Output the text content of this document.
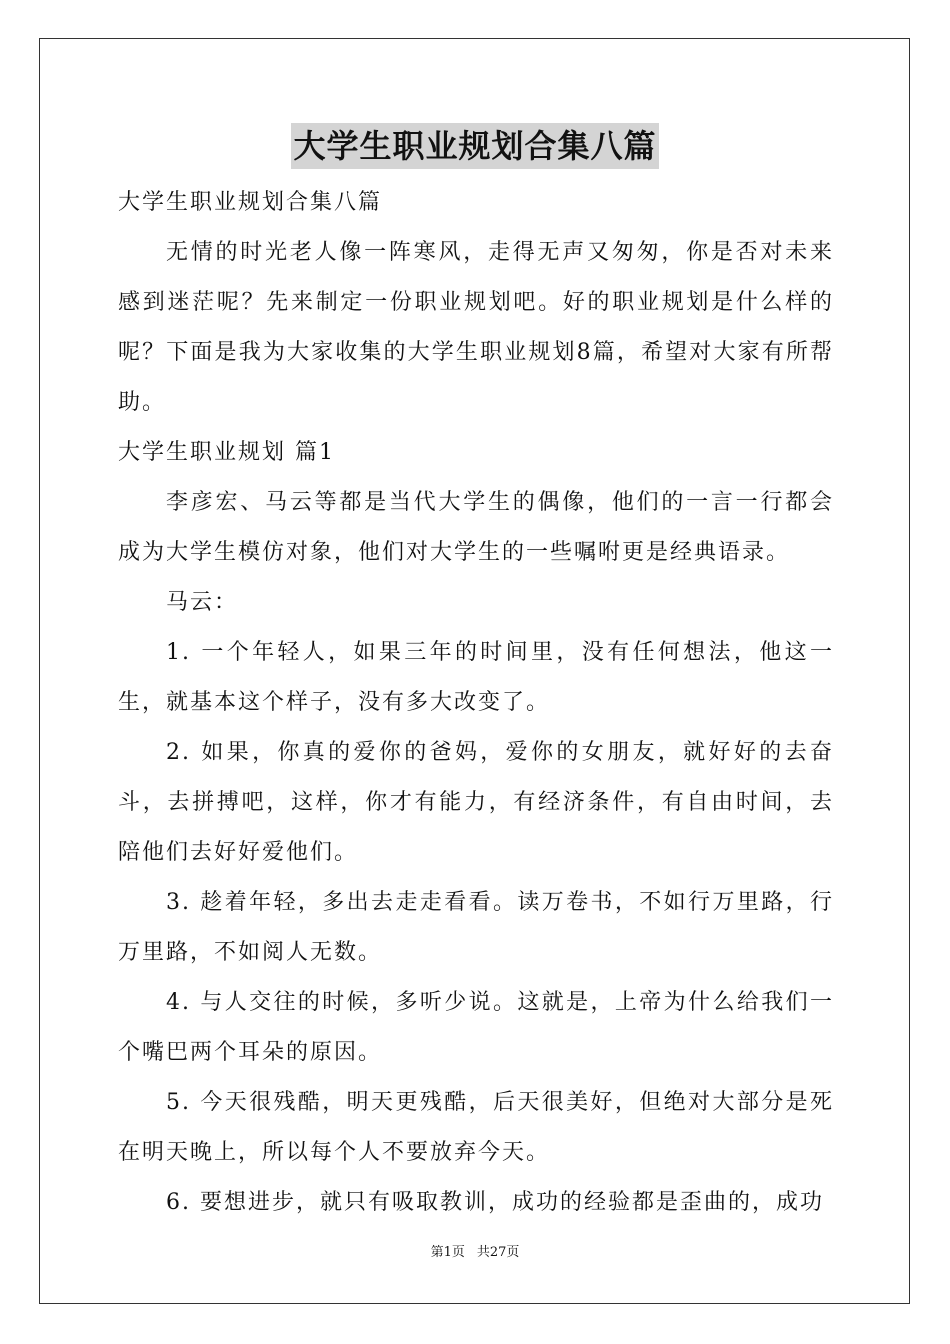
大学生职业规划合集八篇

大学生职业规划合集八篇

无情的时光老人像一阵寒风，走得无声又匆匆，你是否对未来感到迷茫呢？先来制定一份职业规划吧。好的职业规划是什么样的呢？下面是我为大家收集的大学生职业规划8篇，希望对大家有所帮助。

大学生职业规划 篇1

李彦宏、马云等都是当代大学生的偶像，他们的一言一行都会成为大学生模仿对象，他们对大学生的一些嘱咐更是经典语录。

马云：

1. 一个年轻人，如果三年的时间里，没有任何想法，他这一生，就基本这个样子，没有多大改变了。

2. 如果，你真的爱你的爸妈，爱你的女朋友，就好好的去奋斗，去拼搏吧，这样，你才有能力，有经济条件，有自由时间，去陪他们去好好爱他们。

3. 趁着年轻，多出去走走看看。读万卷书，不如行万里路，行万里路，不如阅人无数。

4. 与人交往的时候，多听少说。这就是，上帝为什么给我们一个嘴巴两个耳朵的原因。

5. 今天很残酷，明天更残酷，后天很美好，但绝对大部分是死在明天晚上，所以每个人不要放弃今天。

6. 要想进步，就只有吸取教训，成功的经验都是歪曲的，成功

第1页 共27页
